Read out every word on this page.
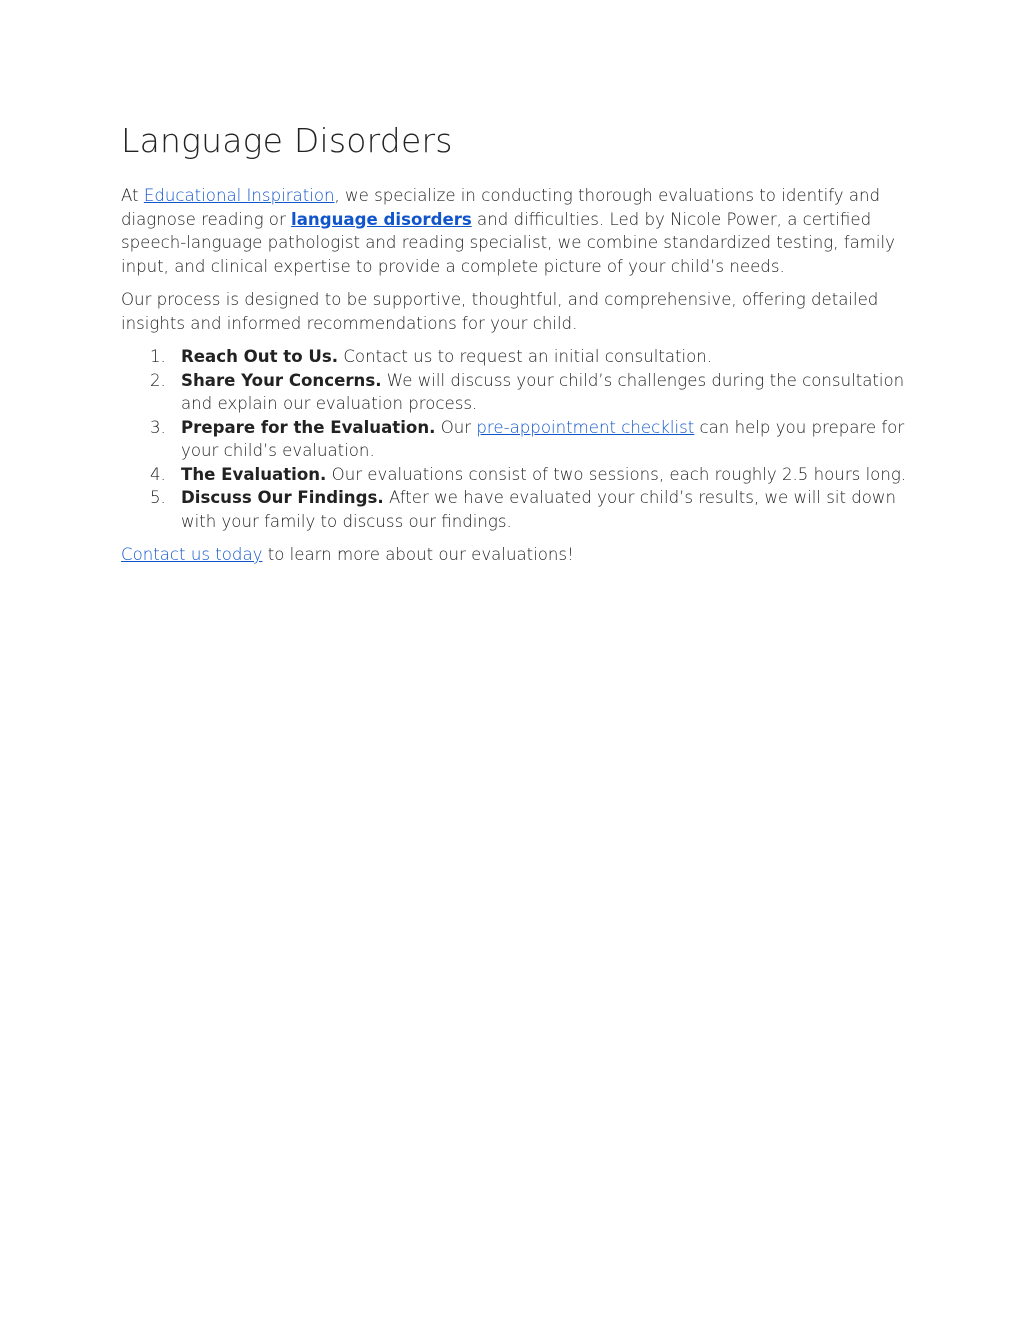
Language Disorders

At Educational Inspiration, we specialize in conducting thorough evaluations to identify and diagnose reading or language disorders and difficulties. Led by Nicole Power, a certified speech-language pathologist and reading specialist, we combine standardized testing, family input, and clinical expertise to provide a complete picture of your child’s needs.

Our process is designed to be supportive, thoughtful, and comprehensive, offering detailed insights and informed recommendations for your child.

1. Reach Out to Us. Contact us to request an initial consultation.
2. Share Your Concerns. We will discuss your child’s challenges during the consultation and explain our evaluation process.
3. Prepare for the Evaluation. Our pre-appointment checklist can help you prepare for your child’s evaluation.
4. The Evaluation. Our evaluations consist of two sessions, each roughly 2.5 hours long.
5. Discuss Our Findings. After we have evaluated your child’s results, we will sit down with your family to discuss our findings.

Contact us today to learn more about our evaluations!
